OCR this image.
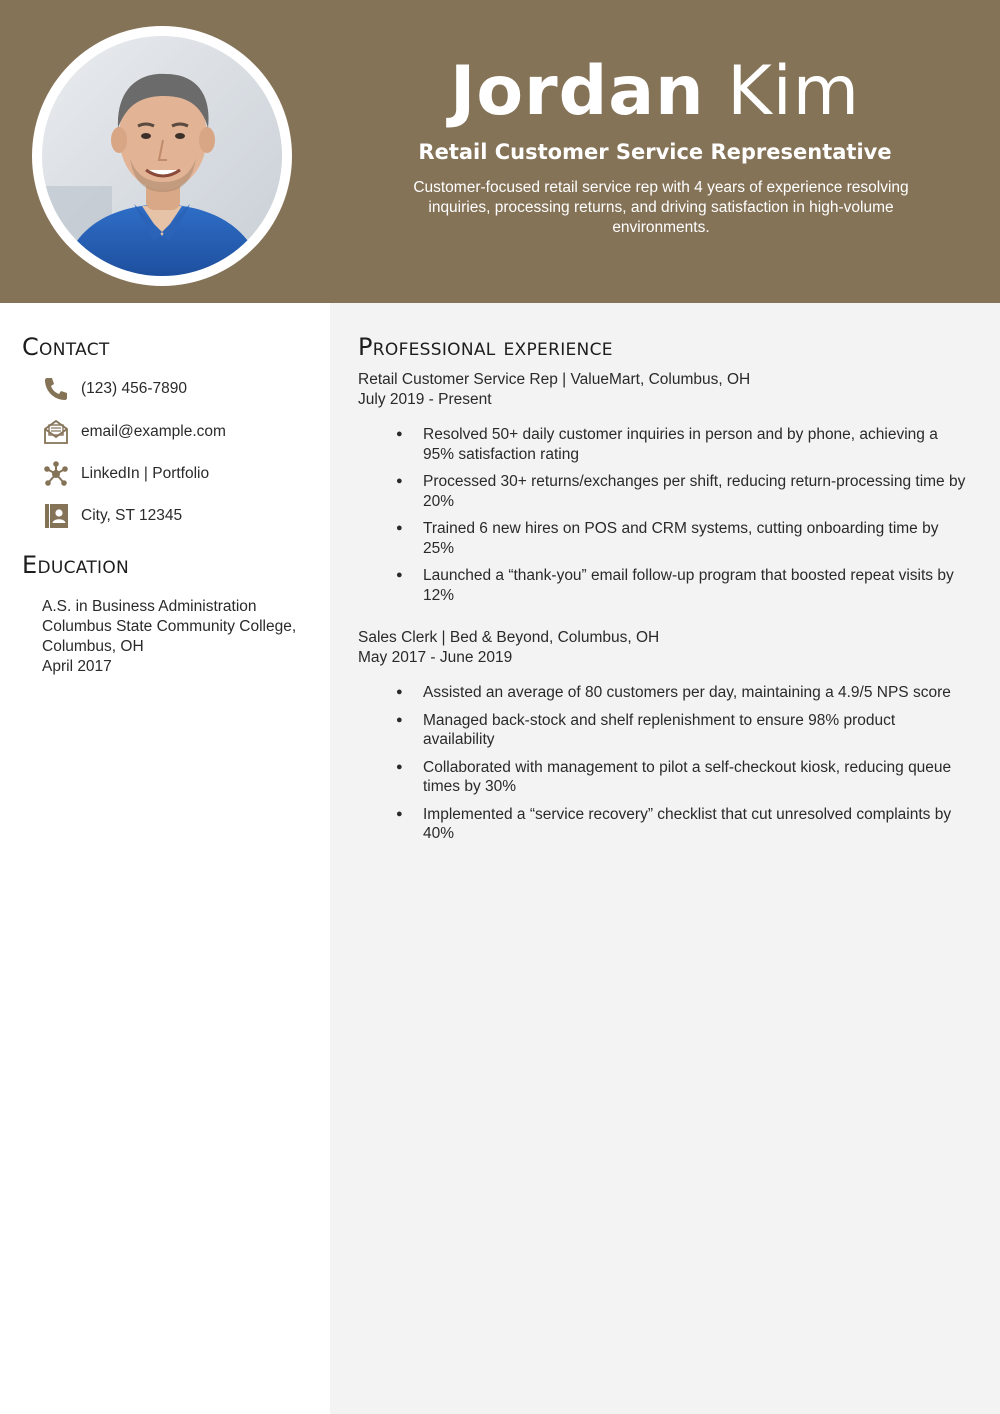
Jordan Kim
Retail Customer Service Representative
Customer-focused retail service rep with 4 years of experience resolving inquiries, processing returns, and driving satisfaction in high-volume environments.
Contact
(123) 456-7890
email@example.com
LinkedIn | Portfolio
City, ST 12345
Education
A.S. in Business Administration
Columbus State Community College, Columbus, OH
April 2017
Professional experience
Retail Customer Service Rep | ValueMart, Columbus, OH
July 2019 - Present
● Resolved 50+ daily customer inquiries in person and by phone, achieving a 95% satisfaction rating
● Processed 30+ returns/exchanges per shift, reducing return-processing time by 20%
● Trained 6 new hires on POS and CRM systems, cutting onboarding time by 25%
● Launched a “thank-you” email follow-up program that boosted repeat visits by 12%
Sales Clerk | Bed & Beyond, Columbus, OH
May 2017 - June 2019
● Assisted an average of 80 customers per day, maintaining a 4.9/5 NPS score
● Managed back-stock and shelf replenishment to ensure 98% product availability
● Collaborated with management to pilot a self-checkout kiosk, reducing queue times by 30%
● Implemented a “service recovery” checklist that cut unresolved complaints by 40%
